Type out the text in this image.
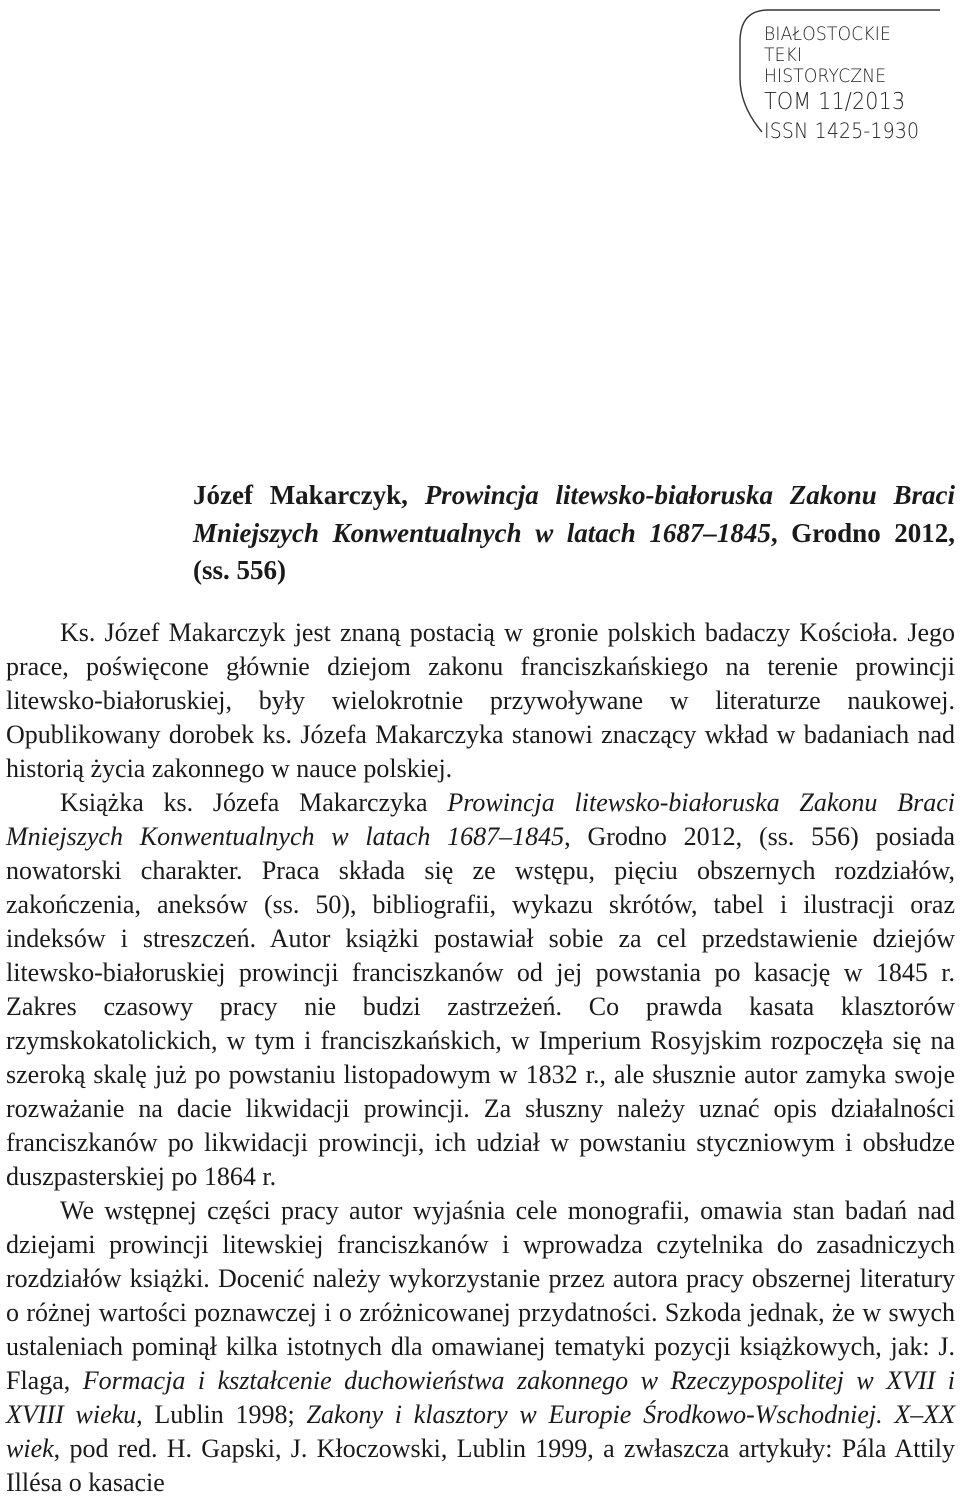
BIAŁOSTOCKIE
TEKI
HISTORYCZNE
TOM 11/2013
ISSN 1425-1930
Józef Makarczyk, Prowincja litewsko-białoruska Zakonu Braci Mniejszych Konwentualnych w latach 1687–1845, Grodno 2012, (ss. 556)

Ks. Józef Makarczyk jest znaną postacią w gronie polskich badaczy Kościoła. Jego prace, poświęcone głównie dziejom zakonu franciszkańskiego na terenie prowincji litewsko-białoruskiej, były wielokrotnie przywoływane w literaturze naukowej. Opublikowany dorobek ks. Józefa Makarczyka stanowi znaczący wkład w badaniach nad historią życia zakonnego w nauce polskiej.

Książka ks. Józefa Makarczyka Prowincja litewsko-białoruska Zakonu Braci Mniejszych Konwentualnych w latach 1687–1845, Grodno 2012, (ss. 556) posiada nowatorski charakter. Praca składa się ze wstępu, pięciu obszernych rozdziałów, zakończenia, aneksów (ss. 50), bibliografii, wykazu skrótów, tabel i ilustracji oraz indeksów i streszczeń. Autor książki postawiał sobie za cel przedstawienie dziejów litewsko-białoruskiej prowincji franciszkanów od jej powstania po kasację w 1845 r. Zakres czasowy pracy nie budzi zastrzeżeń. Co prawda kasata klasztorów rzymskokatolickich, w tym i franciszkańskich, w Imperium Rosyjskim rozpoczęła się na szeroką skalę już po powstaniu listopadowym w 1832 r., ale słusznie autor zamyka swoje rozważanie na dacie likwidacji prowincji. Za słuszny należy uznać opis działalności franciszkanów po likwidacji prowincji, ich udział w powstaniu styczniowym i obsłudze duszpasterskiej po 1864 r.

We wstępnej części pracy autor wyjaśnia cele monografii, omawia stan badań nad dziejami prowincji litewskiej franciszkanów i wprowadza czytelnika do zasadniczych rozdziałów książki. Docenić należy wykorzystanie przez autora pracy obszernej literatury o różnej wartości poznawczej i o zróżnicowanej przydatności. Szkoda jednak, że w swych ustaleniach pominął kilka istotnych dla omawianej tematyki pozycji książkowych, jak: J. Flaga, Formacja i kształcenie duchowieństwa zakonnego w Rzeczypospolitej w XVII i XVIII wieku, Lublin 1998; Zakony i klasztory w Europie Środkowo-Wschodniej. X–XX wiek, pod red. H. Gapski, J. Kłoczowski, Lublin 1999, a zwłaszcza artykuły: Pála Attily Illésa o kasacie
